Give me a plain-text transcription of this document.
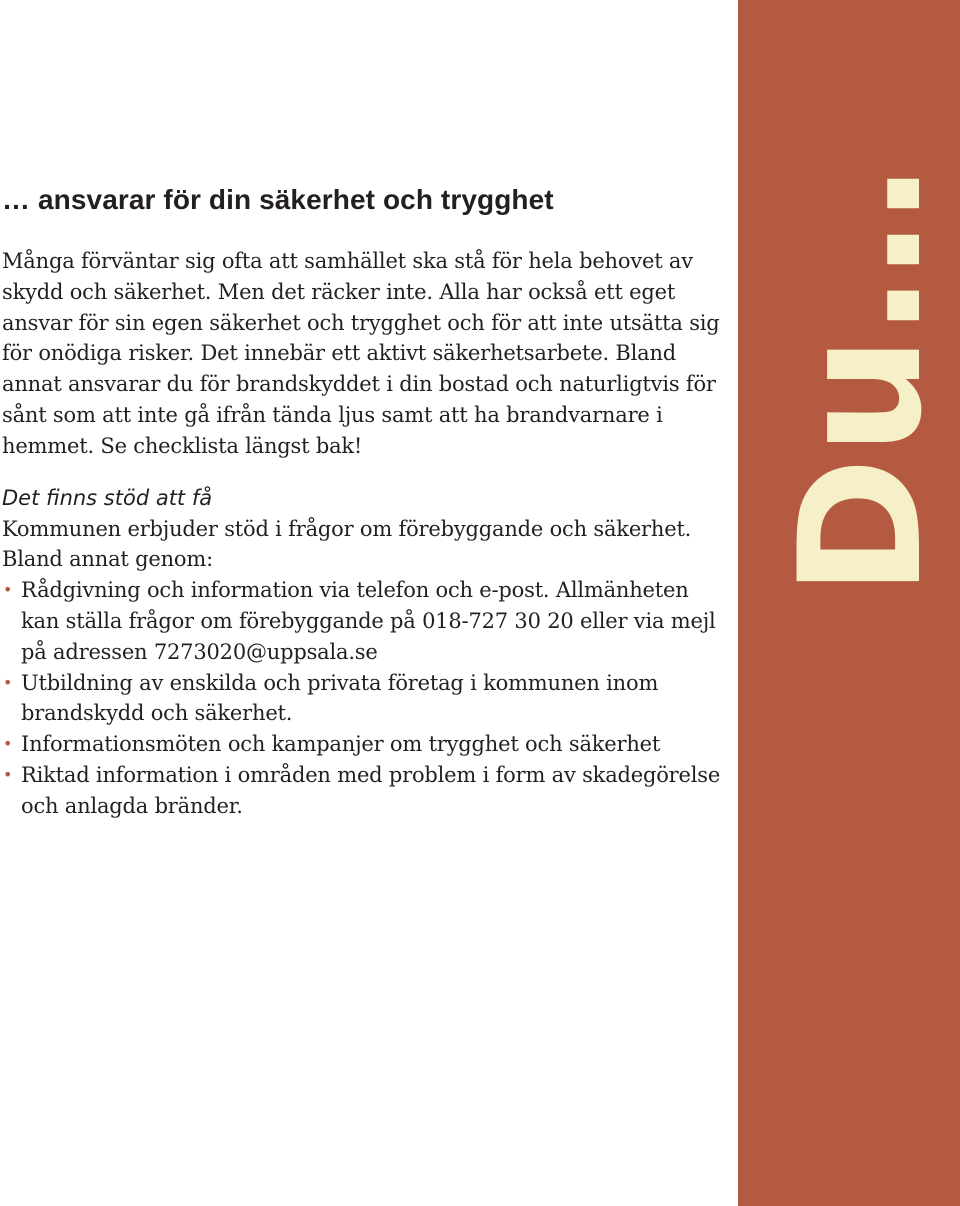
… ansvarar för din säkerhet och trygghet

Många förväntar sig ofta att samhället ska stå för hela behovet av skydd och säkerhet. Men det räcker inte. Alla har också ett eget ansvar för sin egen säkerhet och trygghet och för att inte utsätta sig för onödiga risker. Det innebär ett aktivt säkerhetsarbete. Bland annat ansvarar du för brandskyddet i din bostad och naturligtvis för sånt som att inte gå ifrån tända ljus samt att ha brandvarnare i hemmet. Se checklista längst bak!

Det finns stöd att få

Kommunen erbjuder stöd i frågor om förebyggande och säkerhet. Bland annat genom:

• Rådgivning och information via telefon och e-post. Allmänheten kan ställa frågor om förebyggande på 018-727 30 20 eller via mejl på adressen 7273020@uppsala.se
• Utbildning av enskilda och privata företag i kommunen inom brandskydd och säkerhet.
• Informationsmöten och kampanjer om trygghet och säkerhet
• Riktad information i områden med problem i form av skadegörelse och anlagda bränder.
Du…
